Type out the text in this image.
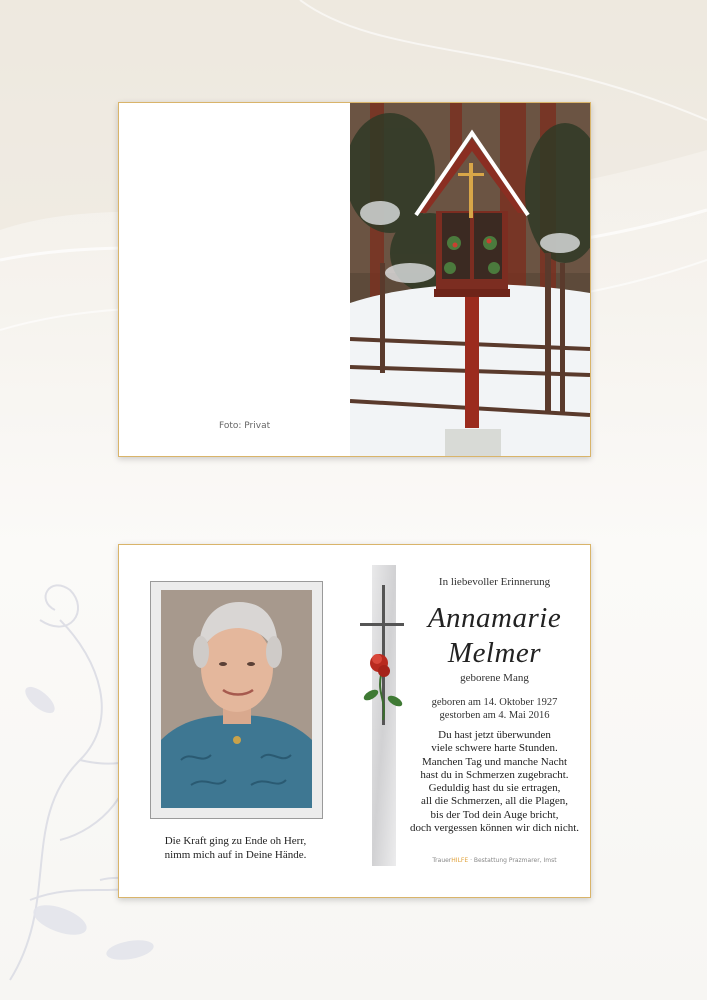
Foto: Privat
Die Kraft ging zu Ende oh Herr,
nimm mich auf in Deine Hände.
In liebevoller Erinnerung
Annamarie
Melmer
geborene Mang
geboren am 14. Oktober 1927
gestorben am 4. Mai 2016
Du hast jetzt überwunden
viele schwere harte Stunden.
Manchen Tag und manche Nacht
hast du in Schmerzen zugebracht.
Geduldig hast du sie ertragen,
all die Schmerzen, all die Plagen,
bis der Tod dein Auge bricht,
doch vergessen können wir dich nicht.
TrauerHILFE · Bestattung Prazmarer, Imst
